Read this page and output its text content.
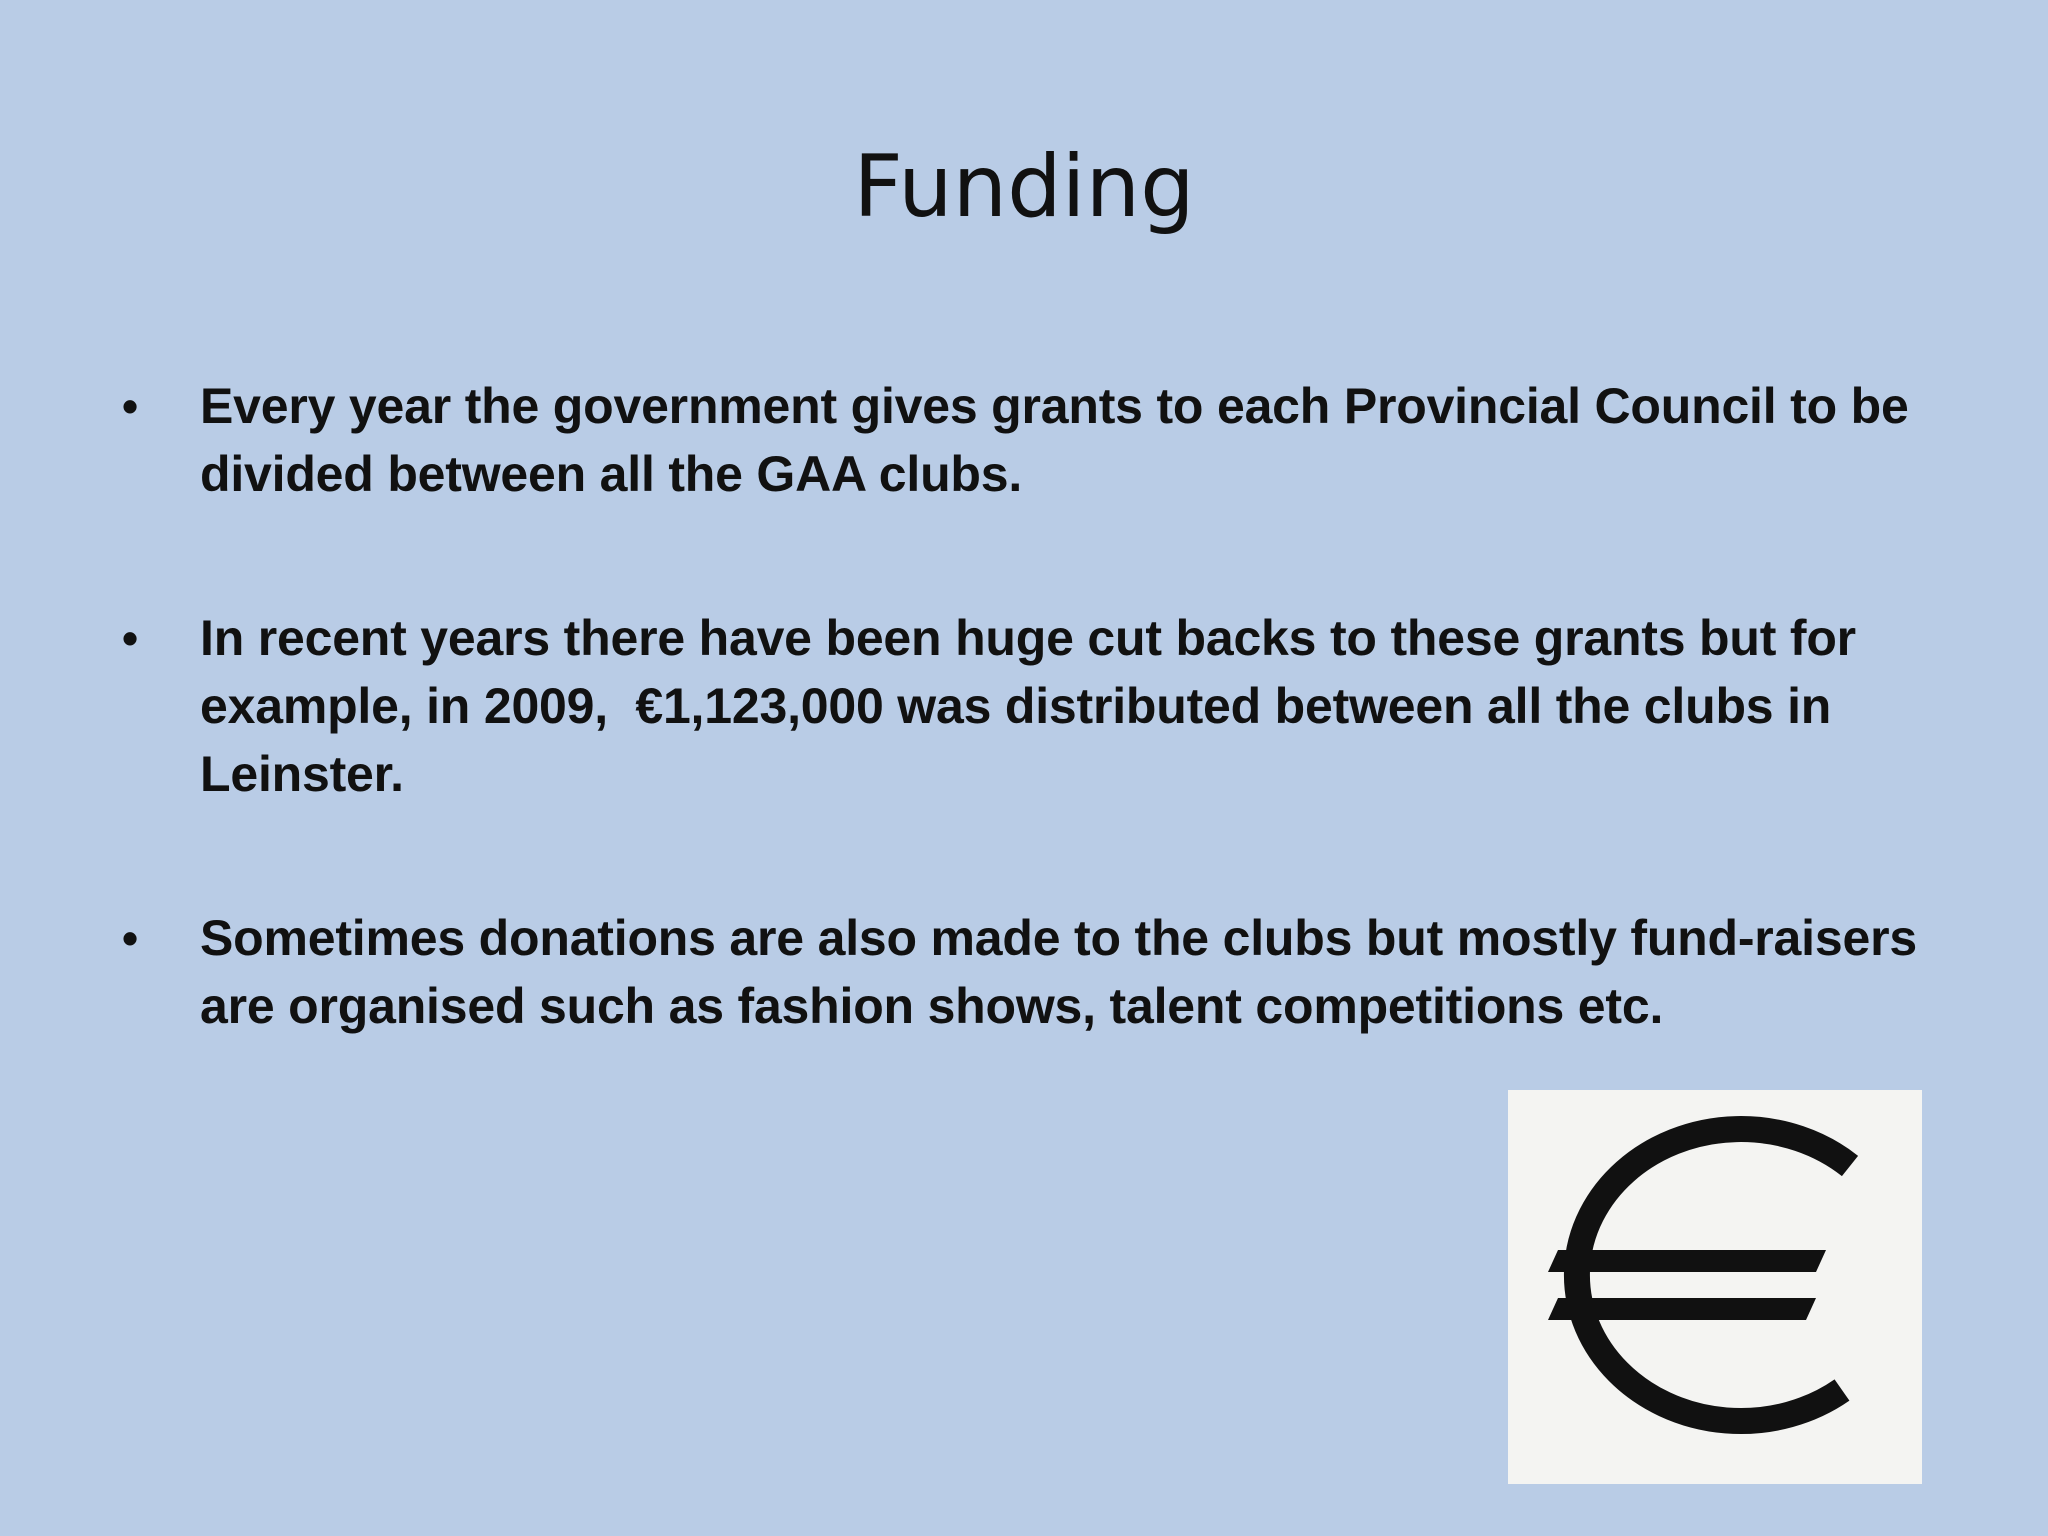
Funding
•	Every year the government gives grants to each Provincial Council to be divided between all the GAA clubs.
•	In recent years there have been huge cut backs to these grants but for example, in 2009,  €1,123,000 was distributed between all the clubs in Leinster.
•	Sometimes donations are also made to the clubs but mostly fund-raisers are organised such as fashion shows, talent competitions etc.
